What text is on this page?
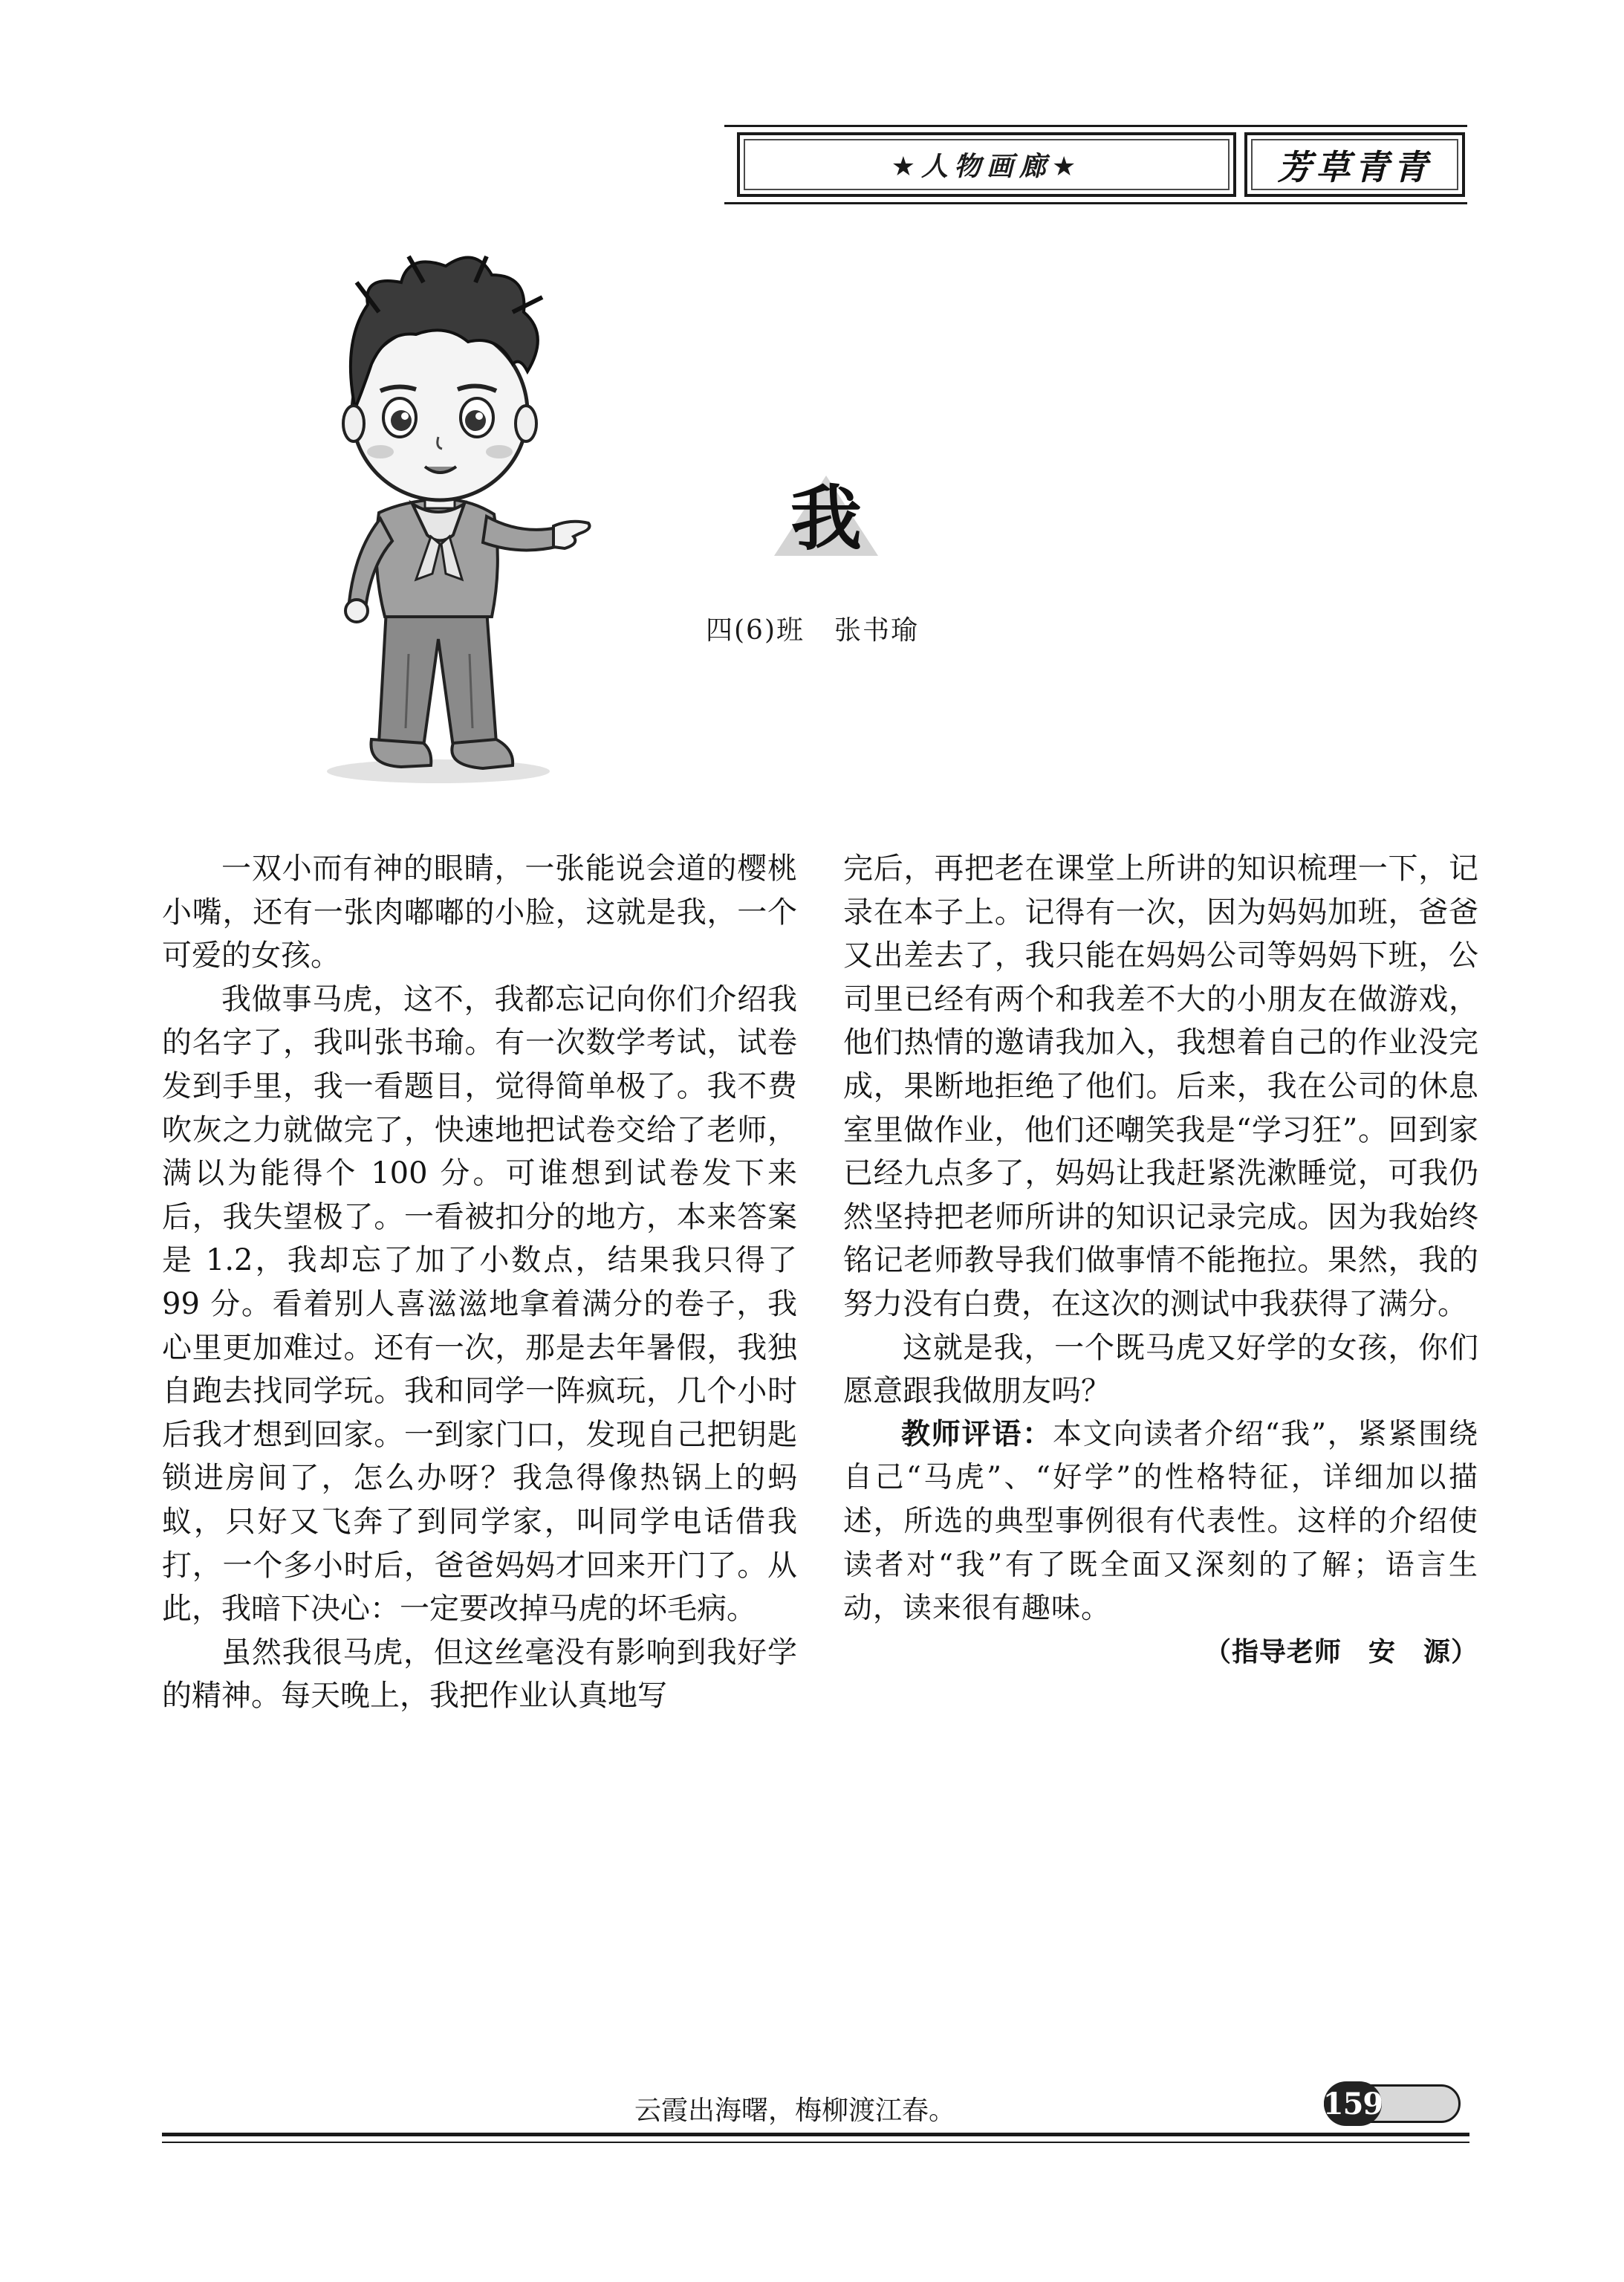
★人物画廊★	芳草青青
我
四(6)班 张书瑜

一双小而有神的眼睛，一张能说会道的樱桃小嘴，还有一张肉嘟嘟的小脸，这就是我，一个可爱的女孩。

我做事马虎，这不，我都忘记向你们介绍我的名字了，我叫张书瑜。有一次数学考试，试卷发到手里，我一看题目，觉得简单极了。我不费吹灰之力就做完了，快速地把试卷交给了老师，满以为能得个 100 分。可谁想到试卷发下来后，我失望极了。一看被扣分的地方，本来答案是 1.2，我却忘了加了小数点，结果我只得了 99 分。看着别人喜滋滋地拿着满分的卷子，我心里更加难过。还有一次，那是去年暑假，我独自跑去找同学玩。我和同学一阵疯玩，几个小时后我才想到回家。一到家门口，发现自己把钥匙锁进房间了，怎么办呀？我急得像热锅上的蚂蚁，只好又飞奔了到同学家，叫同学电话借我打，一个多小时后，爸爸妈妈才回来开门了。从此，我暗下决心：一定要改掉马虎的坏毛病。

虽然我很马虎，但这丝毫没有影响到我好学的精神。每天晚上，我把作业认真地写

完后，再把老在课堂上所讲的知识梳理一下，记录在本子上。记得有一次，因为妈妈加班，爸爸又出差去了，我只能在妈妈公司等妈妈下班，公司里已经有两个和我差不大的小朋友在做游戏，他们热情的邀请我加入，我想着自己的作业没完成，果断地拒绝了他们。后来，我在公司的休息室里做作业，他们还嘲笑我是“学习狂”。回到家已经九点多了，妈妈让我赶紧洗漱睡觉，可我仍然坚持把老师所讲的知识记录完成。因为我始终铭记老师教导我们做事情不能拖拉。果然，我的努力没有白费，在这次的测试中我获得了满分。

这就是我，一个既马虎又好学的女孩，你们愿意跟我做朋友吗？

教师评语：本文向读者介绍“我”，紧紧围绕自己“马虎”、“好学”的性格特征，详细加以描述，所选的典型事例很有代表性。这样的介绍使读者对“我”有了既全面又深刻的了解；语言生动，读来很有趣味。

（指导老师 安　源）

云霞出海曙，梅柳渡江春。	159
